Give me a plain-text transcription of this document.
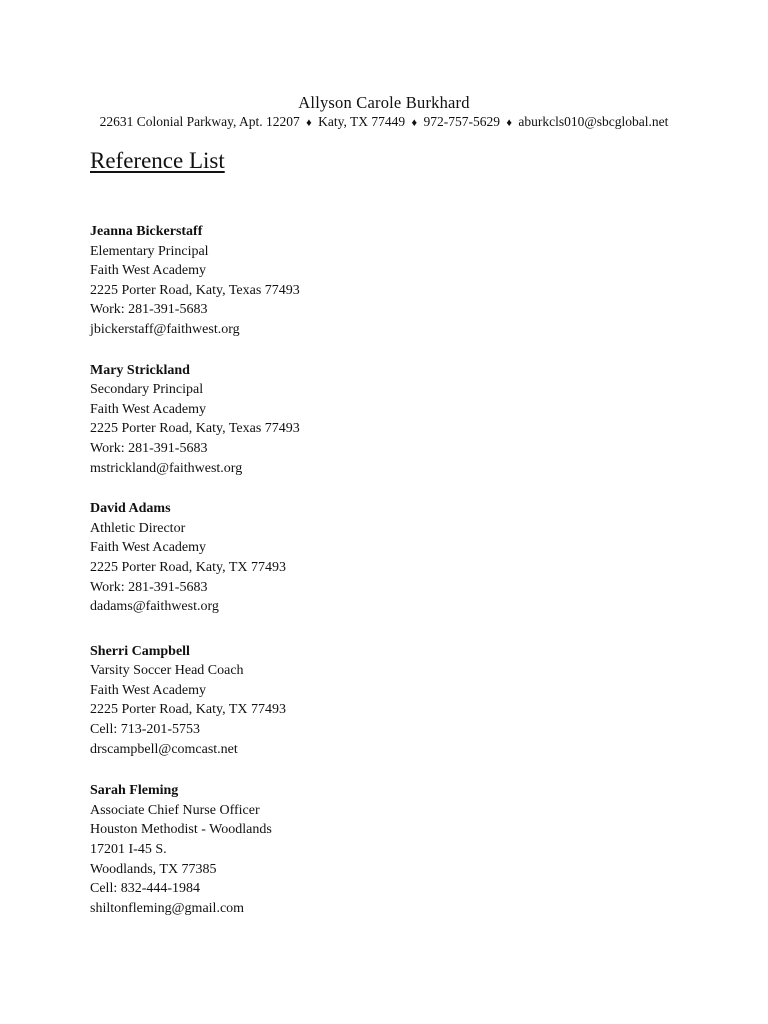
Allyson Carole Burkhard
22631 Colonial Parkway, Apt. 12207 ♦ Katy, TX 77449 ♦ 972-757-5629 ♦ aburkcls010@sbcglobal.net
Reference List
Jeanna Bickerstaff
Elementary Principal
Faith West Academy
2225 Porter Road, Katy, Texas 77493
Work: 281-391-5683
jbickerstaff@faithwest.org
Mary Strickland
Secondary Principal
Faith West Academy
2225 Porter Road, Katy, Texas 77493
Work: 281-391-5683
mstrickland@faithwest.org
David Adams
Athletic Director
Faith West Academy
2225 Porter Road, Katy, TX 77493
Work: 281-391-5683
dadams@faithwest.org
Sherri Campbell
Varsity Soccer Head Coach
Faith West Academy
2225 Porter Road, Katy, TX 77493
Cell: 713-201-5753
drscampbell@comcast.net
Sarah Fleming
Associate Chief Nurse Officer
Houston Methodist - Woodlands
17201 I-45 S.
Woodlands, TX 77385
Cell: 832-444-1984
shiltonfleming@gmail.com
